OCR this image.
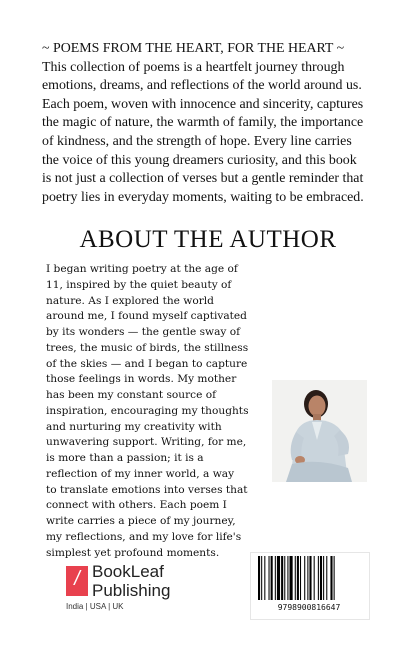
~ POEMS FROM THE HEART, FOR THE HEART ~
This collection of poems is a heartfelt journey through
emotions, dreams, and reflections of the world around us.
Each poem, woven with innocence and sincerity, captures
the magic of nature, the warmth of family, the importance
of kindness, and the strength of hope. Every line carries
the voice of this young dreamers curiosity, and this book
is not just a collection of verses but a gentle reminder that
poetry lies in everyday moments, waiting to be embraced.
ABOUT THE AUTHOR
I began writing poetry at the age of
11, inspired by the quiet beauty of
nature. As I explored the world
around me, I found myself captivated
by its wonders — the gentle sway of
trees, the music of birds, the stillness
of the skies — and I began to capture
those feelings in words. My mother
has been my constant source of
inspiration, encouraging my thoughts
and nurturing my creativity with
unwavering support. Writing, for me,
is more than a passion; it is a
reflection of my inner world, a way
to translate emotions into verses that
connect with others. Each poem I
write carries a piece of my journey,
my reflections, and my love for life's
simplest yet profound moments.
/ BookLeaf
Publishing
India | USA | UK	9798900816647
